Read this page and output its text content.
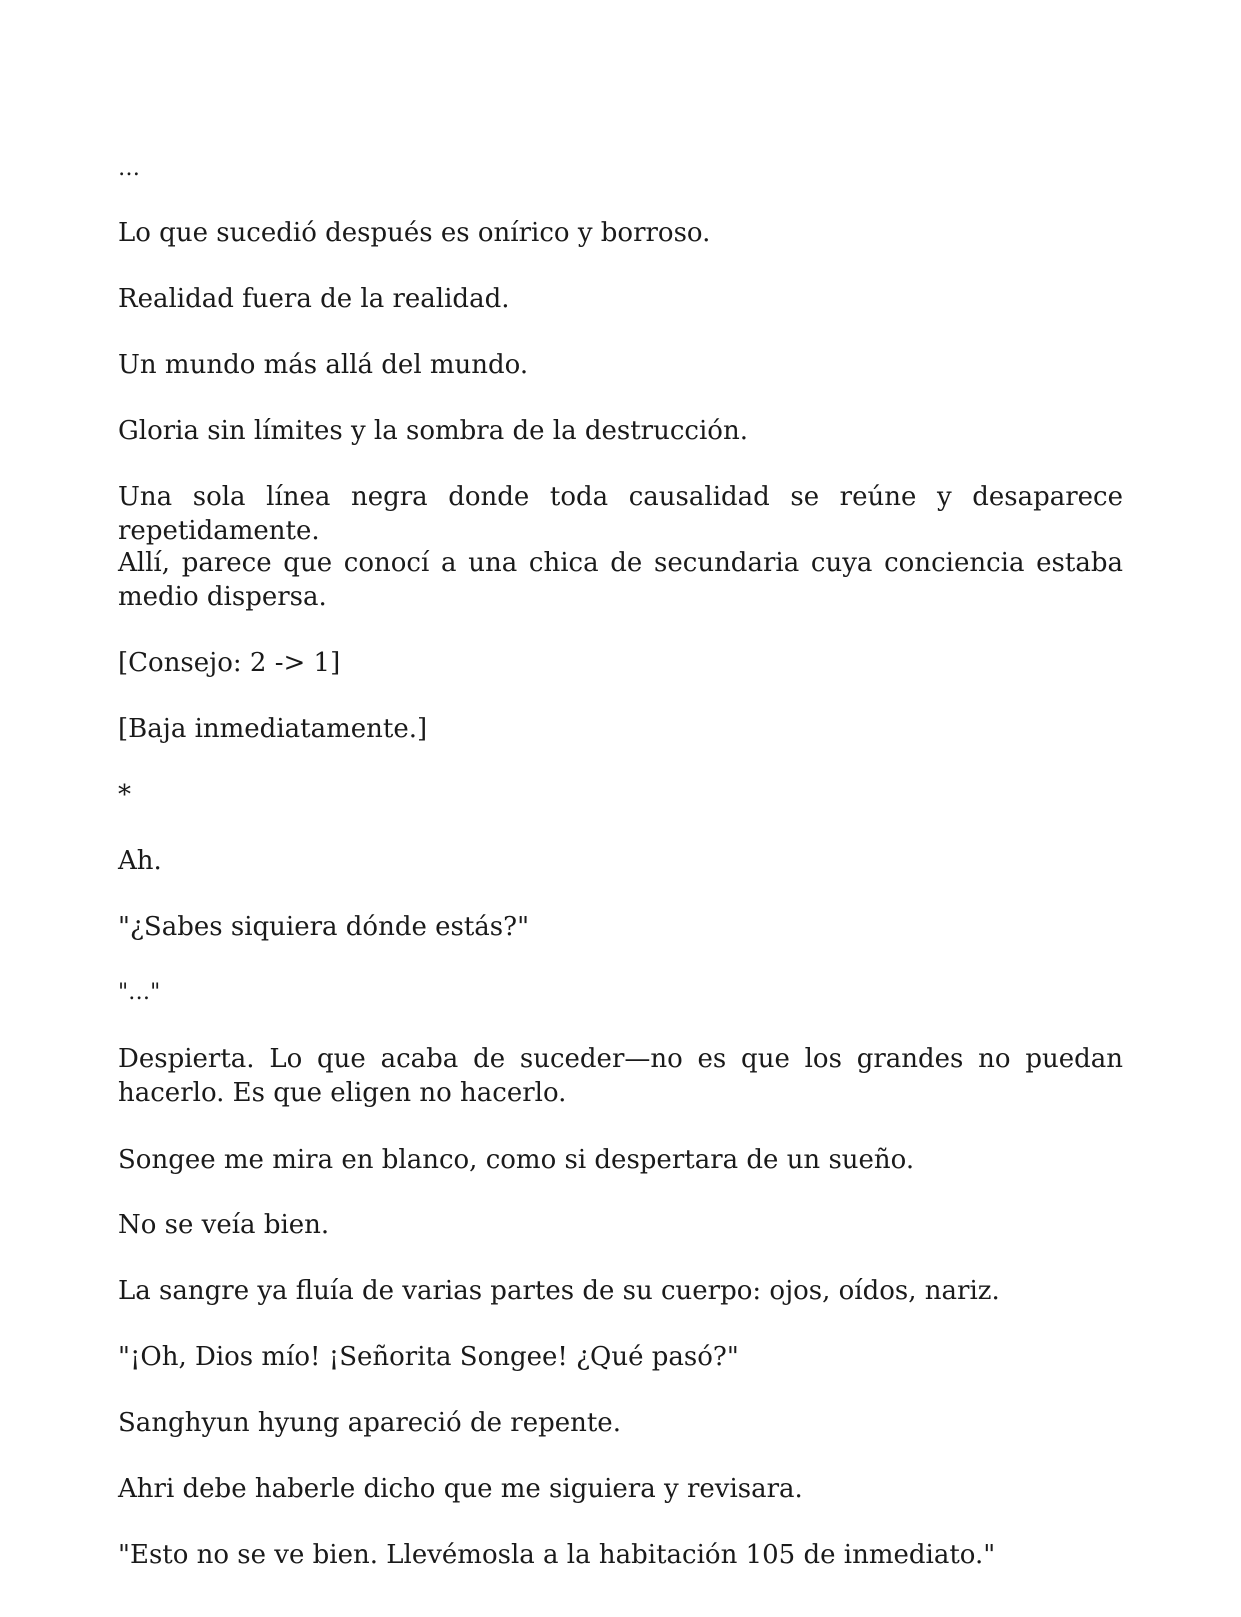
…

Lo que sucedió después es onírico y borroso.

Realidad fuera de la realidad.

Un mundo más allá del mundo.

Gloria sin límites y la sombra de la destrucción.

Una sola línea negra donde toda causalidad se reúne y desaparece repetidamente.

Allí, parece que conocí a una chica de secundaria cuya conciencia estaba medio dispersa.

[Consejo: 2 -> 1]

[Baja inmediatamente.]

*

Ah.

"¿Sabes siquiera dónde estás?"

"…"

Despierta. Lo que acaba de suceder—no es que los grandes no puedan hacerlo. Es que eligen no hacerlo.

Songee me mira en blanco, como si despertara de un sueño.

No se veía bien.

La sangre ya fluía de varias partes de su cuerpo: ojos, oídos, nariz.

"¡Oh, Dios mío! ¡Señorita Songee! ¿Qué pasó?"

Sanghyun hyung apareció de repente.

Ahri debe haberle dicho que me siguiera y revisara.

"Esto no se ve bien. Llevémosla a la habitación 105 de inmediato."
